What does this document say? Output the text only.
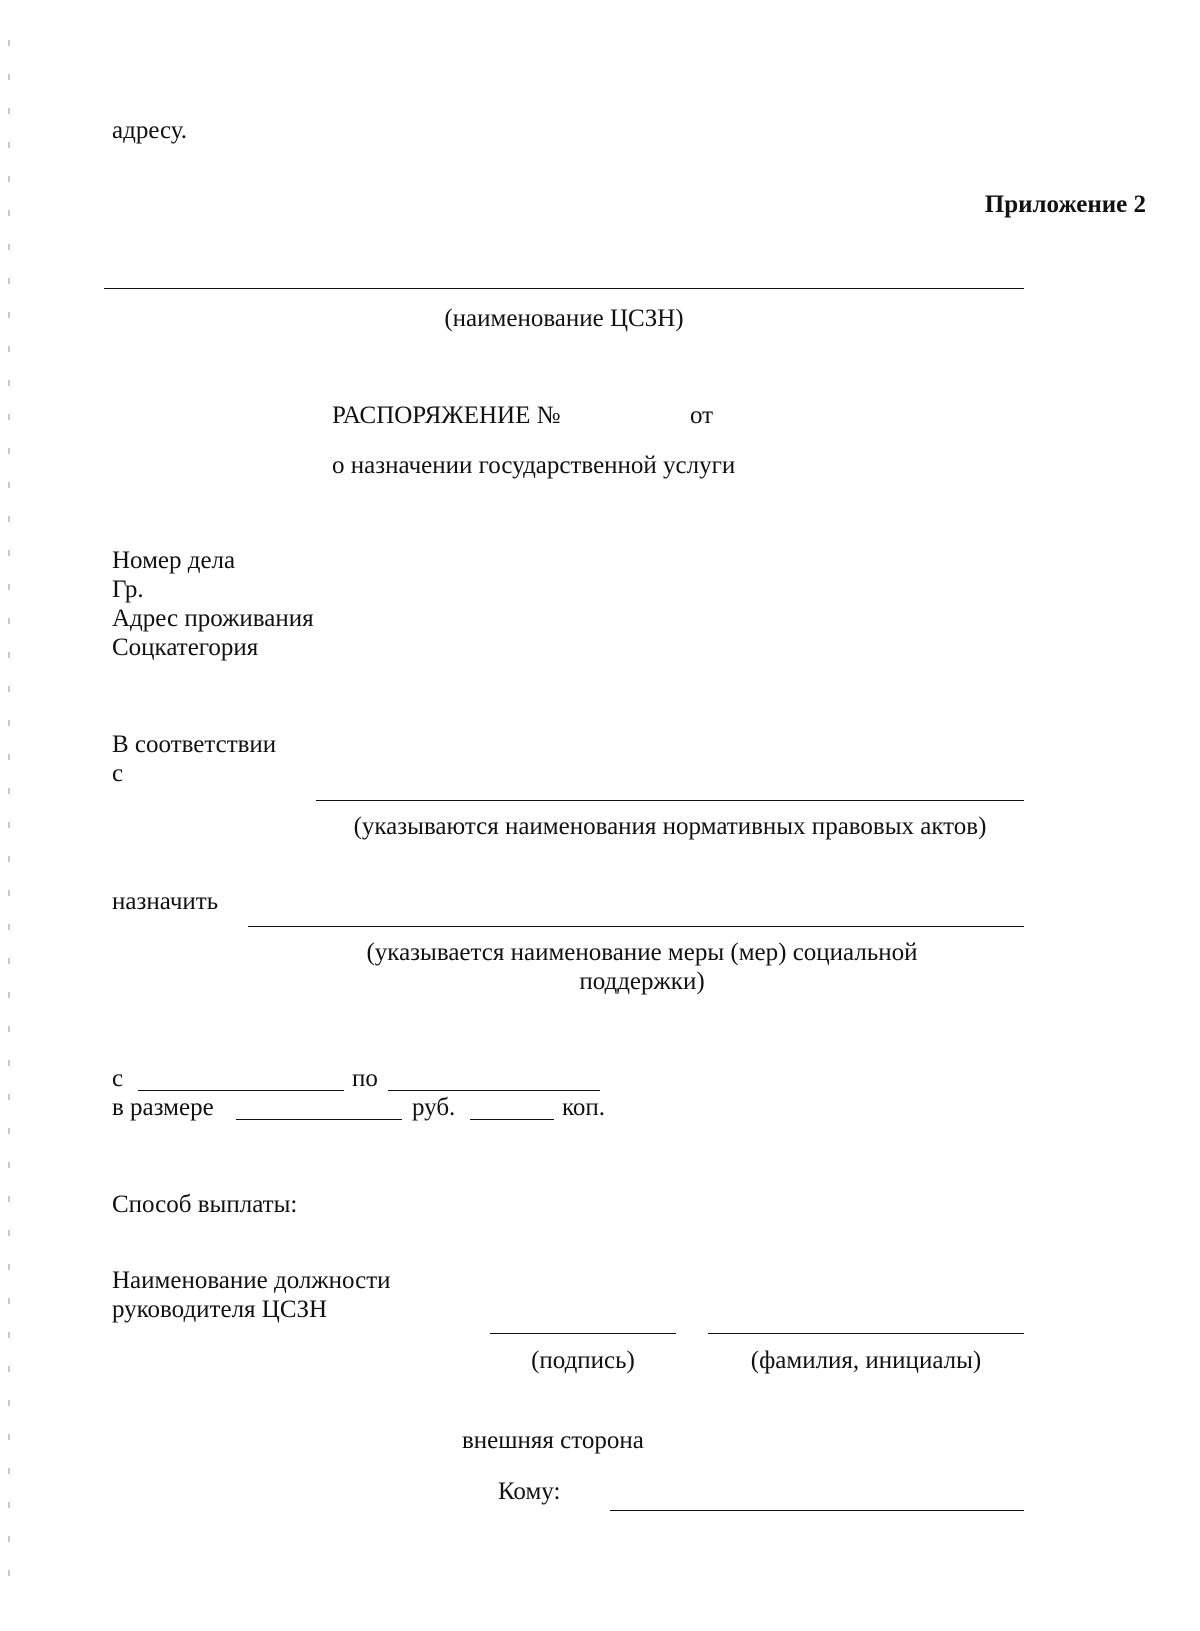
адресу.
Приложение 2
(наименование ЦСЗН)
РАСПОРЯЖЕНИЕ №	от
о назначении государственной услуги
Номер дела
Гр.
Адрес проживания
Соцкатегория
В соответствии
с
(указываются наименования нормативных правовых актов)
назначить
(указывается наименование меры (мер) социальной поддержки)
с	по
в размере	руб.	коп.
Способ выплаты:
Наименование должности
руководителя ЦСЗН
(подпись)	(фамилия, инициалы)
внешняя сторона
Кому:
